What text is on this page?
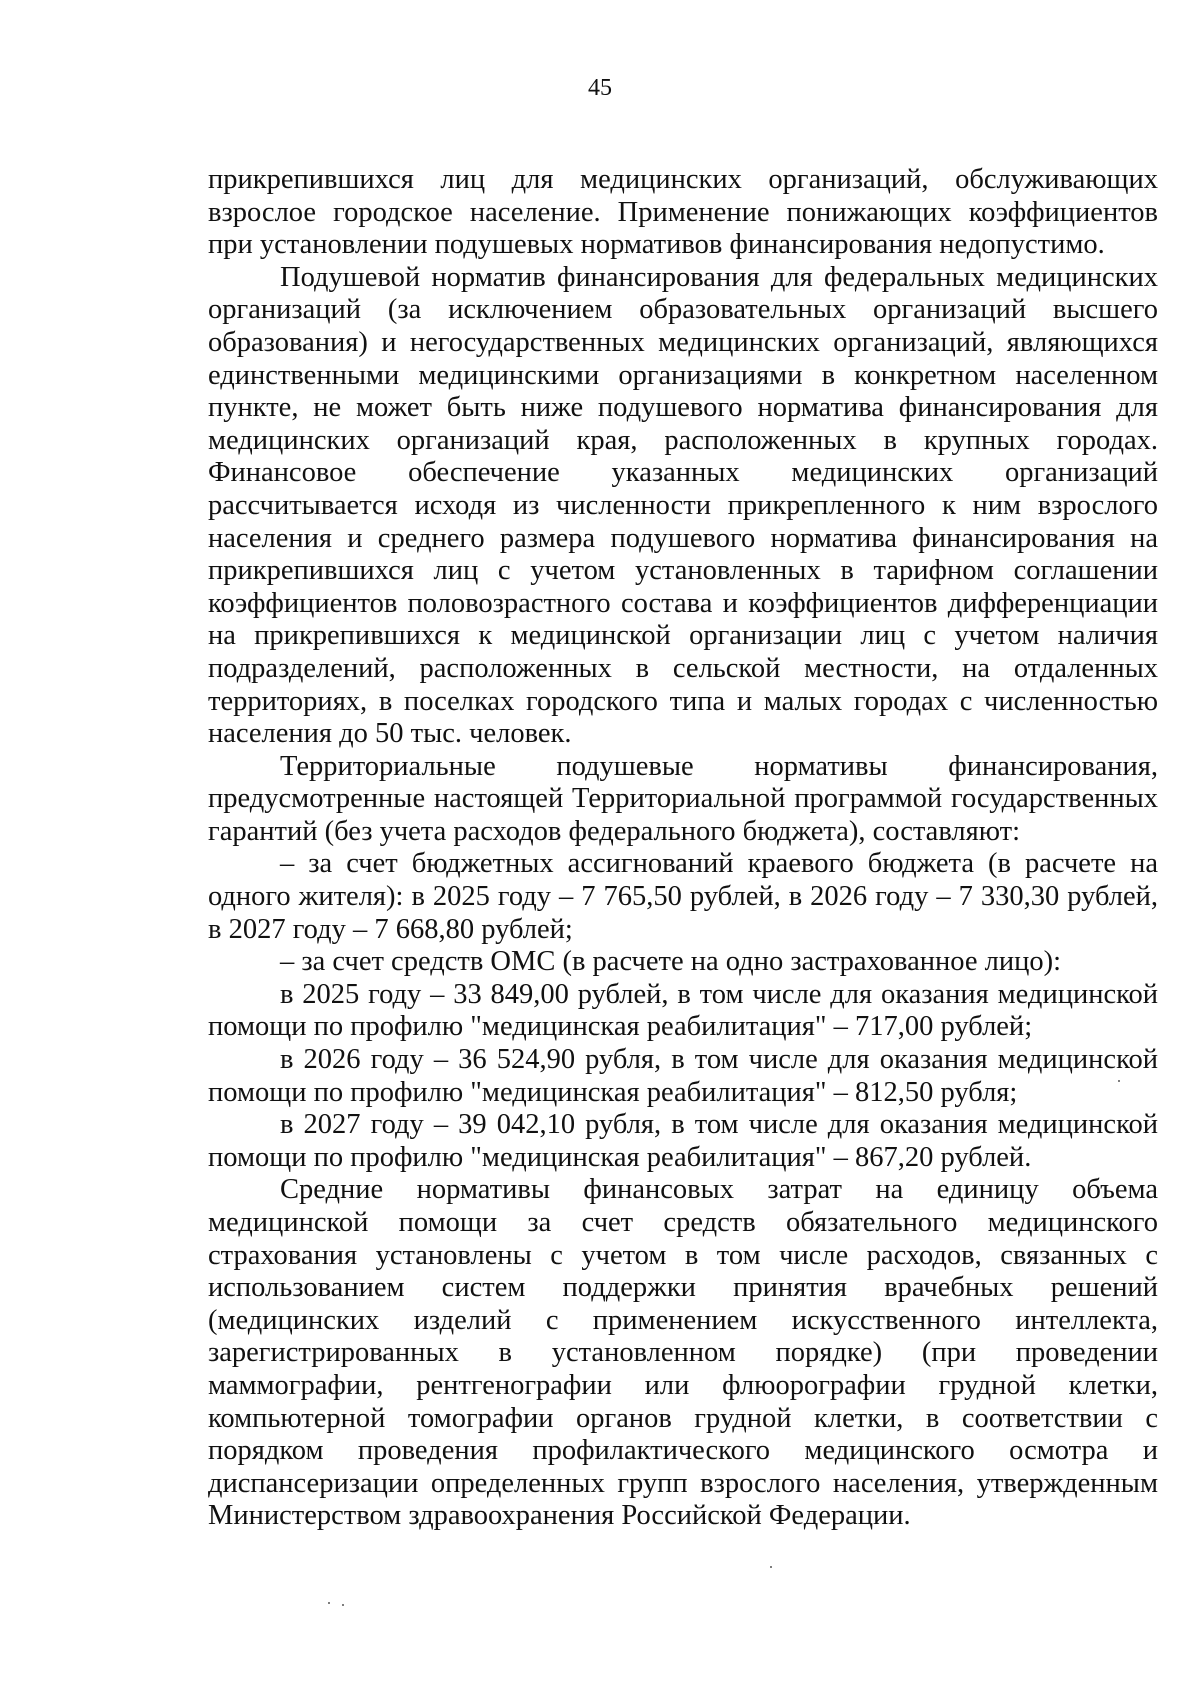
45

прикрепившихся лиц для медицинских организаций, обслуживающих взрослое городское население. Применение понижающих коэффициентов при установлении подушевых нормативов финансирования недопустимо.

Подушевой норматив финансирования для федеральных медицинских организаций (за исключением образовательных организаций высшего образования) и негосударственных медицинских организаций, являющихся единственными медицинскими организациями в конкретном населенном пункте, не может быть ниже подушевого норматива финансирования для медицинских организаций края, расположенных в крупных городах. Финансовое обеспечение указанных медицинских организаций рассчитывается исходя из численности прикрепленного к ним взрослого населения и среднего размера подушевого норматива финансирования на прикрепившихся лиц с учетом установленных в тарифном соглашении коэффициентов половозрастного состава и коэффициентов дифференциации на прикрепившихся к медицинской организации лиц с учетом наличия подразделений, расположенных в сельской местности, на отдаленных территориях, в поселках городского типа и малых городах с численностью населения до 50 тыс. человек.

Территориальные подушевые нормативы финансирования, предусмотренные настоящей Территориальной программой государственных гарантий (без учета расходов федерального бюджета), составляют:

– за счет бюджетных ассигнований краевого бюджета (в расчете на одного жителя): в 2025 году – 7 765,50 рублей, в 2026 году – 7 330,30 рублей, в 2027 году – 7 668,80 рублей;

– за счет средств ОМС (в расчете на одно застрахованное лицо):

в 2025 году – 33 849,00 рублей, в том числе для оказания медицинской помощи по профилю "медицинская реабилитация" – 717,00 рублей;

в 2026 году – 36 524,90 рубля, в том числе для оказания медицинской помощи по профилю "медицинская реабилитация" – 812,50 рубля;

в 2027 году – 39 042,10 рубля, в том числе для оказания медицинской помощи по профилю "медицинская реабилитация" – 867,20 рублей.

Средние нормативы финансовых затрат на единицу объема медицинской помощи за счет средств обязательного медицинского страхования установлены с учетом в том числе расходов, связанных с использованием систем поддержки принятия врачебных решений (медицинских изделий с применением искусственного интеллекта, зарегистрированных в установленном порядке) (при проведении маммографии, рентгенографии или флюорографии грудной клетки, компьютерной томографии органов грудной клетки, в соответствии с порядком проведения профилактического медицинского осмотра и диспансеризации определенных групп взрослого населения, утвержденным Министерством здравоохранения Российской Федерации.
